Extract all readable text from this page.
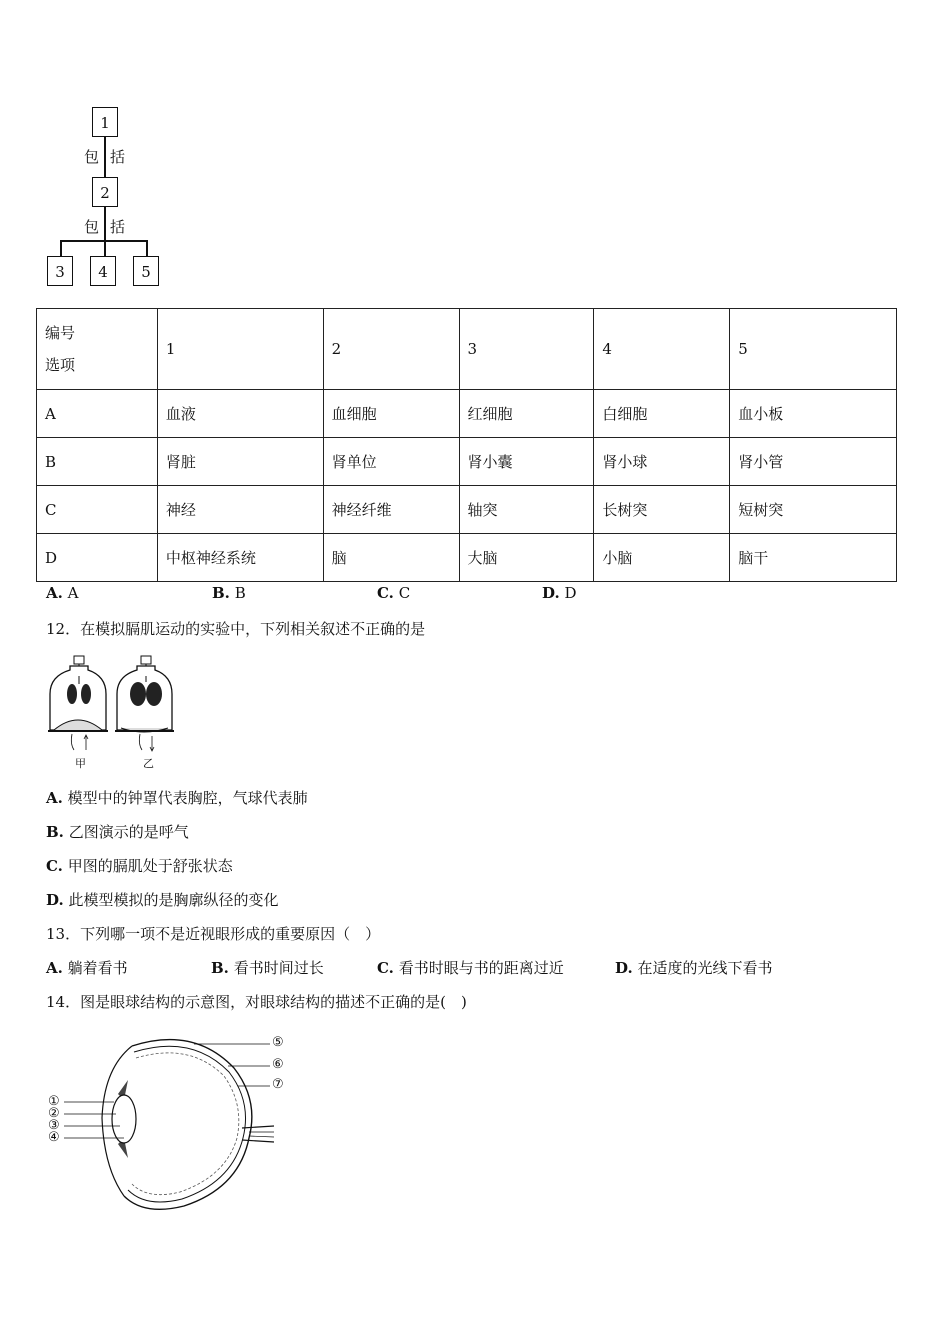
1
包 括
2
包 括
3	4	5
编号
选项	1	2	3	4	5
A	血液	血细胞	红细胞	白细胞	血小板
B	肾脏	肾单位	肾小囊	肾小球	肾小管
C	神经	神经纤维	轴突	长树突	短树突
D	中枢神经系统	脑	大脑	小脑	脑干
A. A	B. B	C. C	D. D
12．在模拟膈肌运动的实验中，下列相关叙述不正确的是
甲	乙
A. 模型中的钟罩代表胸腔，气球代表肺
B. 乙图演示的是呼气
C. 甲图的膈肌处于舒张状态
D. 此模型模拟的是胸廓纵径的变化
13．下列哪一项不是近视眼形成的重要原因（　）
A. 躺着看书	B. 看书时间过长	C. 看书时眼与书的距离过近	D. 在适度的光线下看书
14．图是眼球结构的示意图，对眼球结构的描述不正确的是(　)
①
②
③
④
⑤
⑥
⑦
